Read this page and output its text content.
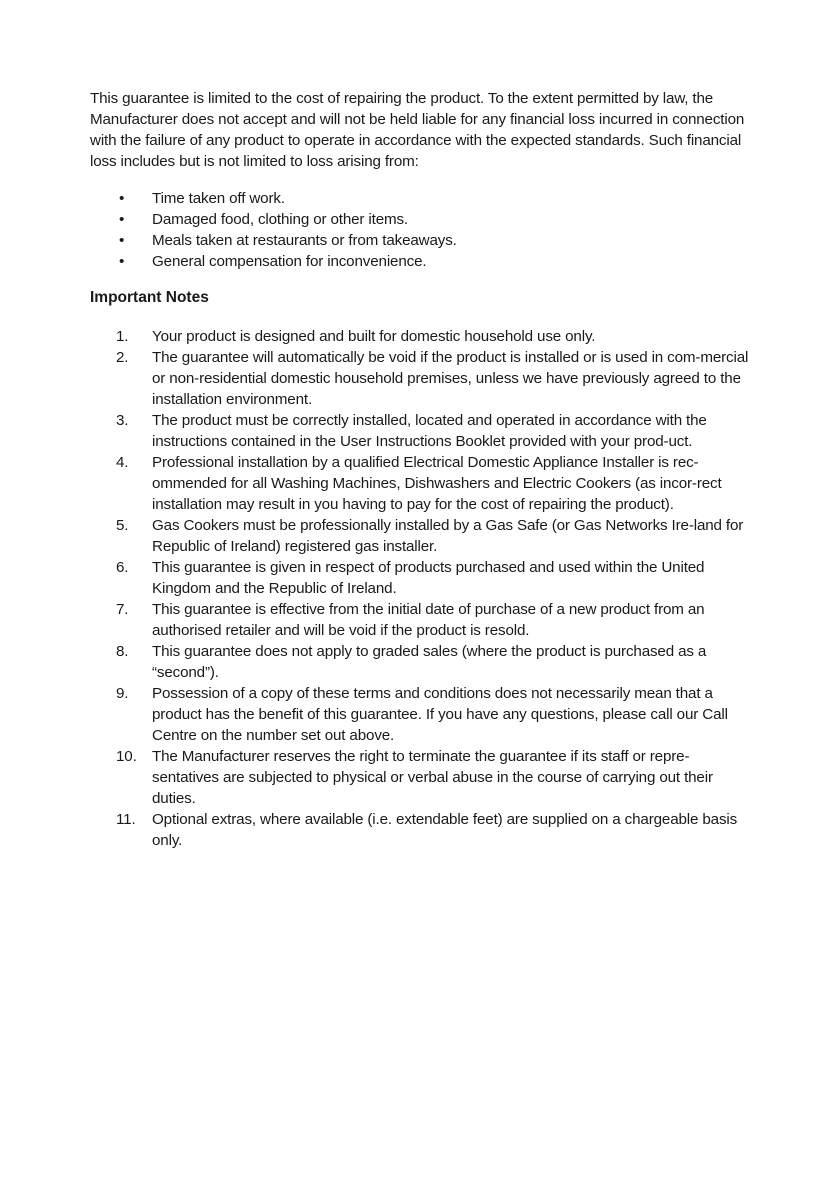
This guarantee is limited to the cost of repairing the product. To the extent permitted by law, the Manufacturer does not accept and will not be held liable for any financial loss incurred in connection with the failure of any product to operate in accordance with the expected standards. Such financial loss includes but is not limited to loss arising from:

• Time taken off work.
• Damaged food, clothing or other items.
• Meals taken at restaurants or from takeaways.
• General compensation for inconvenience.

Important Notes

1.	Your product is designed and built for domestic household use only.
2.	The guarantee will automatically be void if the product is installed or is used in com-mercial or non-residential domestic household premises, unless we have previously agreed to the installation environment.
3.	The product must be correctly installed, located and operated in accordance with the instructions contained in the User Instructions Booklet provided with your prod-uct.
4.	Professional installation by a qualified Electrical Domestic Appliance Installer is rec-ommended for all Washing Machines, Dishwashers and Electric Cookers (as incor-rect installation may result in you having to pay for the cost of repairing the product).
5.	Gas Cookers must be professionally installed by a Gas Safe (or Gas Networks Ire-land for Republic of Ireland) registered gas installer.
6.	This guarantee is given in respect of products purchased and used within the United Kingdom and the Republic of Ireland.
7.	This guarantee is effective from the initial date of purchase of a new product from an authorised retailer and will be void if the product is resold.
8.	This guarantee does not apply to graded sales (where the product is purchased as a “second”).
9.	Possession of a copy of these terms and conditions does not necessarily mean that a product has the benefit of this guarantee. If you have any questions, please call our Call Centre on the number set out above.
10.	The Manufacturer reserves the right to terminate the guarantee if its staff or repre-sentatives are subjected to physical or verbal abuse in the course of carrying out their duties.
11.	Optional extras, where available (i.e. extendable feet) are supplied on a chargeable basis only.
